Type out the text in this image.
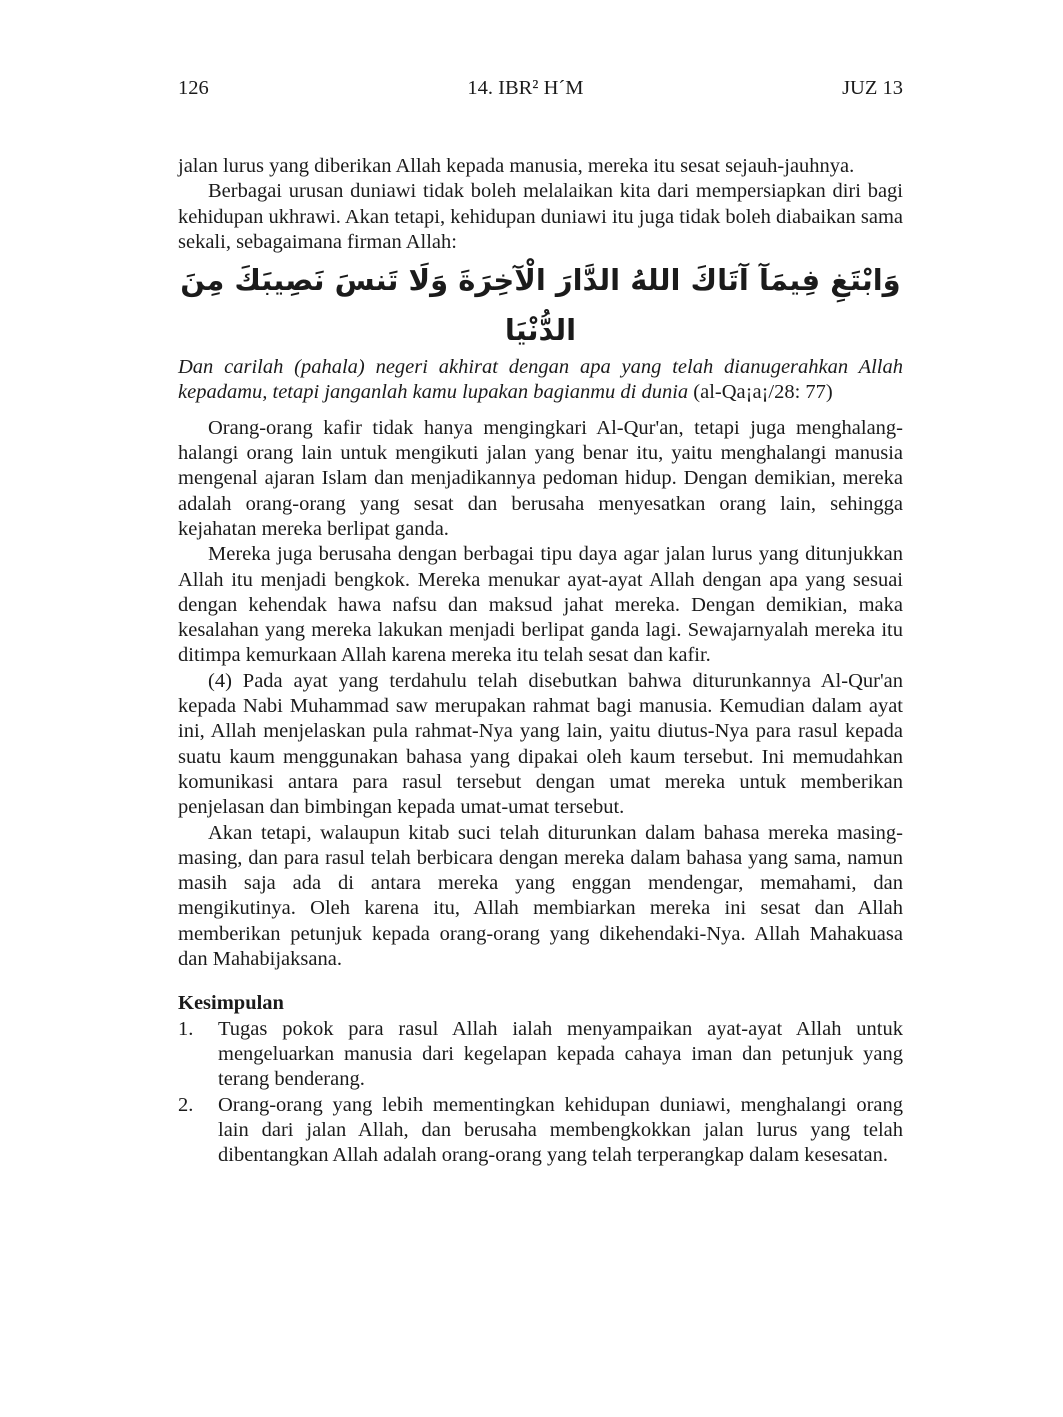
126	14. IBR² H´M	JUZ 13

jalan lurus yang diberikan Allah kepada manusia, mereka itu sesat sejauh-jauhnya.

Berbagai urusan duniawi tidak boleh melalaikan kita dari mempersiapkan diri bagi kehidupan ukhrawi. Akan tetapi, kehidupan duniawi itu juga tidak boleh diabaikan sama sekali, sebagaimana firman Allah:

وَابْتَغِ فِيمَآ آتَاكَ اللهُ الدَّارَ الْآخِرَةَ وَلَا تَنسَ نَصِيبَكَ مِنَ الدُّنْيَا

Dan carilah (pahala) negeri akhirat dengan apa yang telah dianugerahkan Allah kepadamu, tetapi janganlah kamu lupakan bagianmu di dunia (al-Qa¡a¡/28: 77)

Orang-orang kafir tidak hanya mengingkari Al-Qur'an, tetapi juga menghalang-halangi orang lain untuk mengikuti jalan yang benar itu, yaitu menghalangi manusia mengenal ajaran Islam dan menjadikannya pedoman hidup. Dengan demikian, mereka adalah orang-orang yang sesat dan berusaha menyesatkan orang lain, sehingga kejahatan mereka berlipat ganda.

Mereka juga berusaha dengan berbagai tipu daya agar jalan lurus yang ditunjukkan Allah itu menjadi bengkok. Mereka menukar ayat-ayat Allah dengan apa yang sesuai dengan kehendak hawa nafsu dan maksud jahat mereka. Dengan demikian, maka kesalahan yang mereka lakukan menjadi berlipat ganda lagi. Sewajarnyalah mereka itu ditimpa kemurkaan Allah karena mereka itu telah sesat dan kafir.

(4) Pada ayat yang terdahulu telah disebutkan bahwa diturunkannya Al-Qur'an kepada Nabi Muhammad saw merupakan rahmat bagi manusia. Kemudian dalam ayat ini, Allah menjelaskan pula rahmat-Nya yang lain, yaitu diutus-Nya para rasul kepada suatu kaum menggunakan bahasa yang dipakai oleh kaum tersebut. Ini memudahkan komunikasi antara para rasul tersebut dengan umat mereka untuk memberikan penjelasan dan bimbingan kepada umat-umat tersebut.

Akan tetapi, walaupun kitab suci telah diturunkan dalam bahasa mereka masing-masing, dan para rasul telah berbicara dengan mereka dalam bahasa yang sama, namun masih saja ada di antara mereka yang enggan mendengar, memahami, dan mengikutinya. Oleh karena itu, Allah membiarkan mereka ini sesat dan Allah memberikan petunjuk kepada orang-orang yang dikehendaki-Nya. Allah Mahakuasa dan Mahabijaksana.

Kesimpulan

1. Tugas pokok para rasul Allah ialah menyampaikan ayat-ayat Allah untuk mengeluarkan manusia dari kegelapan kepada cahaya iman dan petunjuk yang terang benderang.
2. Orang-orang yang lebih mementingkan kehidupan duniawi, menghalangi orang lain dari jalan Allah, dan berusaha membengkokkan jalan lurus yang telah dibentangkan Allah adalah orang-orang yang telah terperangkap dalam kesesatan.
